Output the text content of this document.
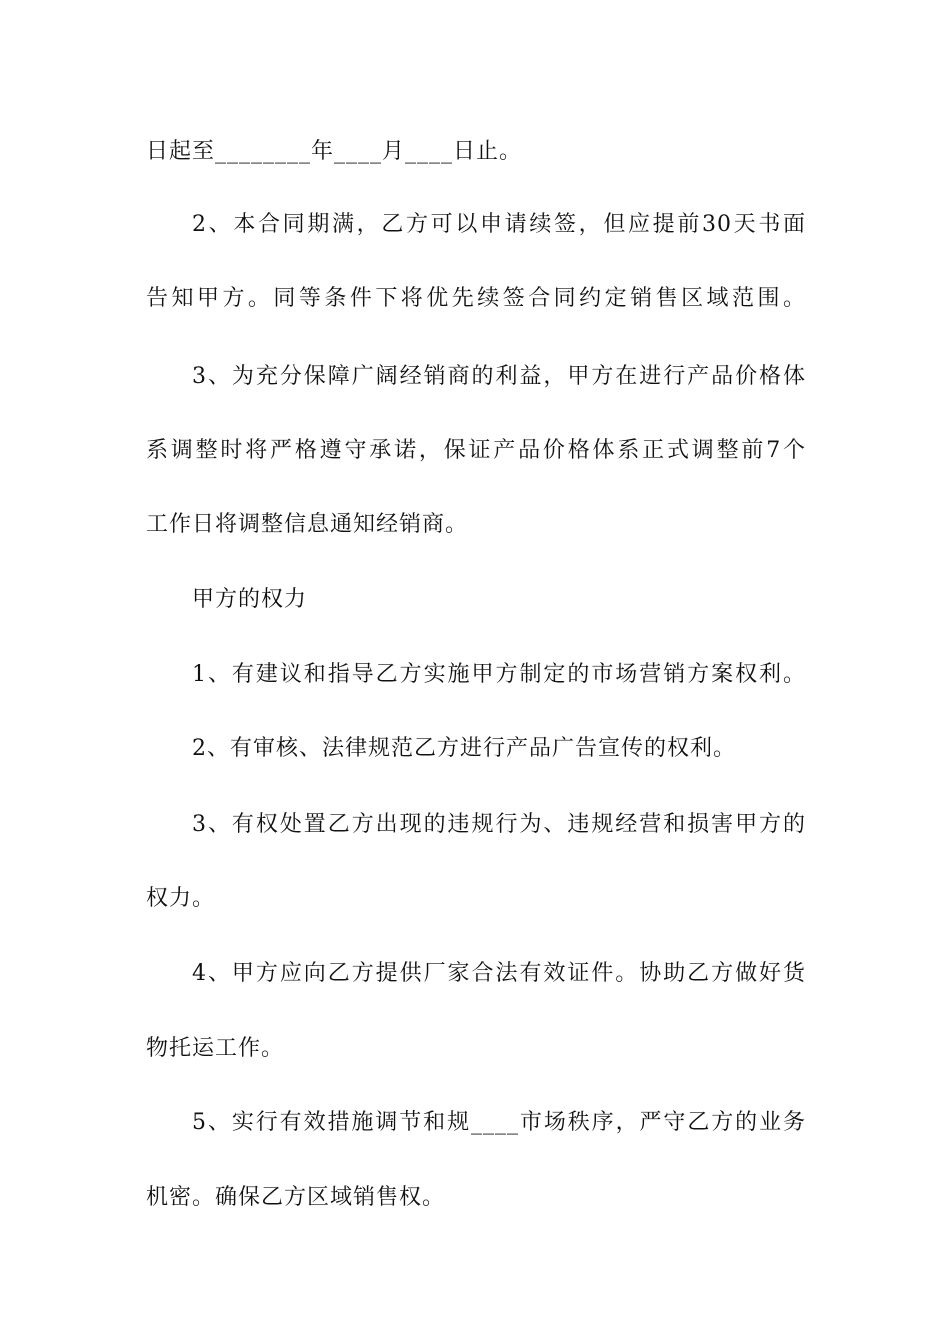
日起至________年____月____日止。
2、本合同期满，乙方可以申请续签，但应提前30天书面
告知甲方。同等条件下将优先续签合同约定销售区域范围。
3、为充分保障广阔经销商的利益，甲方在进行产品价格体
系调整时将严格遵守承诺，保证产品价格体系正式调整前7个
工作日将调整信息通知经销商。
甲方的权力
1、有建议和指导乙方实施甲方制定的市场营销方案权利。
2、有审核、法律规范乙方进行产品广告宣传的权利。
3、有权处置乙方出现的违规行为、违规经营和损害甲方的
权力。
4、甲方应向乙方提供厂家合法有效证件。协助乙方做好货
物托运工作。
5、实行有效措施调节和规____市场秩序，严守乙方的业务
机密。确保乙方区域销售权。
